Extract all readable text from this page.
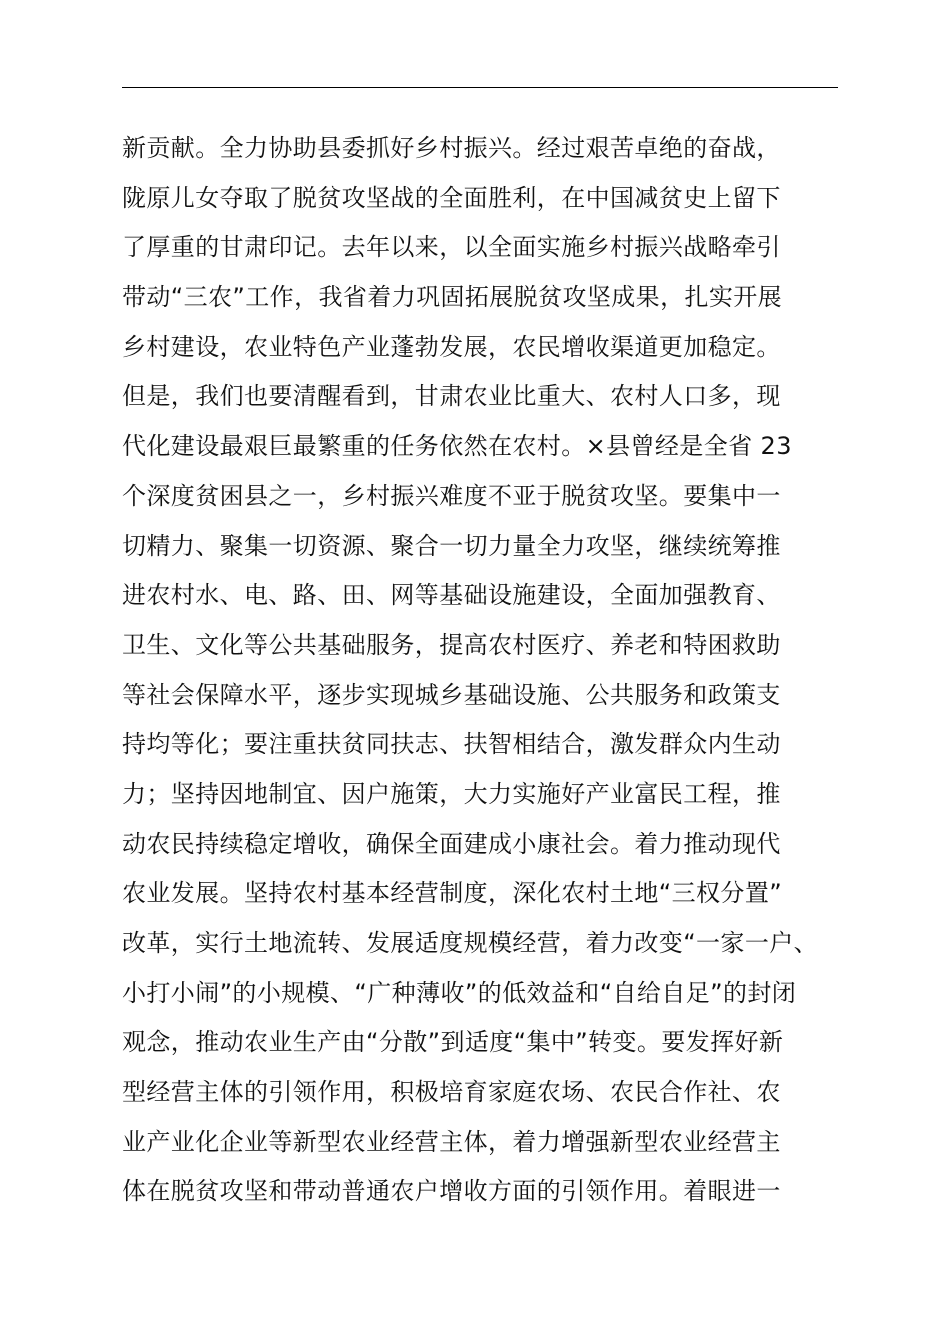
新贡献。全力协助县委抓好乡村振兴。经过艰苦卓绝的奋战，
陇原儿女夺取了脱贫攻坚战的全面胜利，在中国减贫史上留下
了厚重的甘肃印记。去年以来，以全面实施乡村振兴战略牵引
带动“三农”工作，我省着力巩固拓展脱贫攻坚成果，扎实开展
乡村建设，农业特色产业蓬勃发展，农民增收渠道更加稳定。
但是，我们也要清醒看到，甘肃农业比重大、农村人口多，现
代化建设最艰巨最繁重的任务依然在农村。×县曾经是全省 23
个深度贫困县之一，乡村振兴难度不亚于脱贫攻坚。要集中一
切精力、聚集一切资源、聚合一切力量全力攻坚，继续统筹推
进农村水、电、路、田、网等基础设施建设，全面加强教育、
卫生、文化等公共基础服务，提高农村医疗、养老和特困救助
等社会保障水平，逐步实现城乡基础设施、公共服务和政策支
持均等化；要注重扶贫同扶志、扶智相结合，激发群众内生动
力；坚持因地制宜、因户施策，大力实施好产业富民工程，推
动农民持续稳定增收，确保全面建成小康社会。着力推动现代
农业发展。坚持农村基本经营制度，深化农村土地“三权分置”
改革，实行土地流转、发展适度规模经营，着力改变“一家一户、
小打小闹”的小规模、“广种薄收”的低效益和“自给自足”的封闭
观念，推动农业生产由“分散”到适度“集中”转变。要发挥好新
型经营主体的引领作用，积极培育家庭农场、农民合作社、农
业产业化企业等新型农业经营主体，着力增强新型农业经营主
体在脱贫攻坚和带动普通农户增收方面的引领作用。着眼进一
